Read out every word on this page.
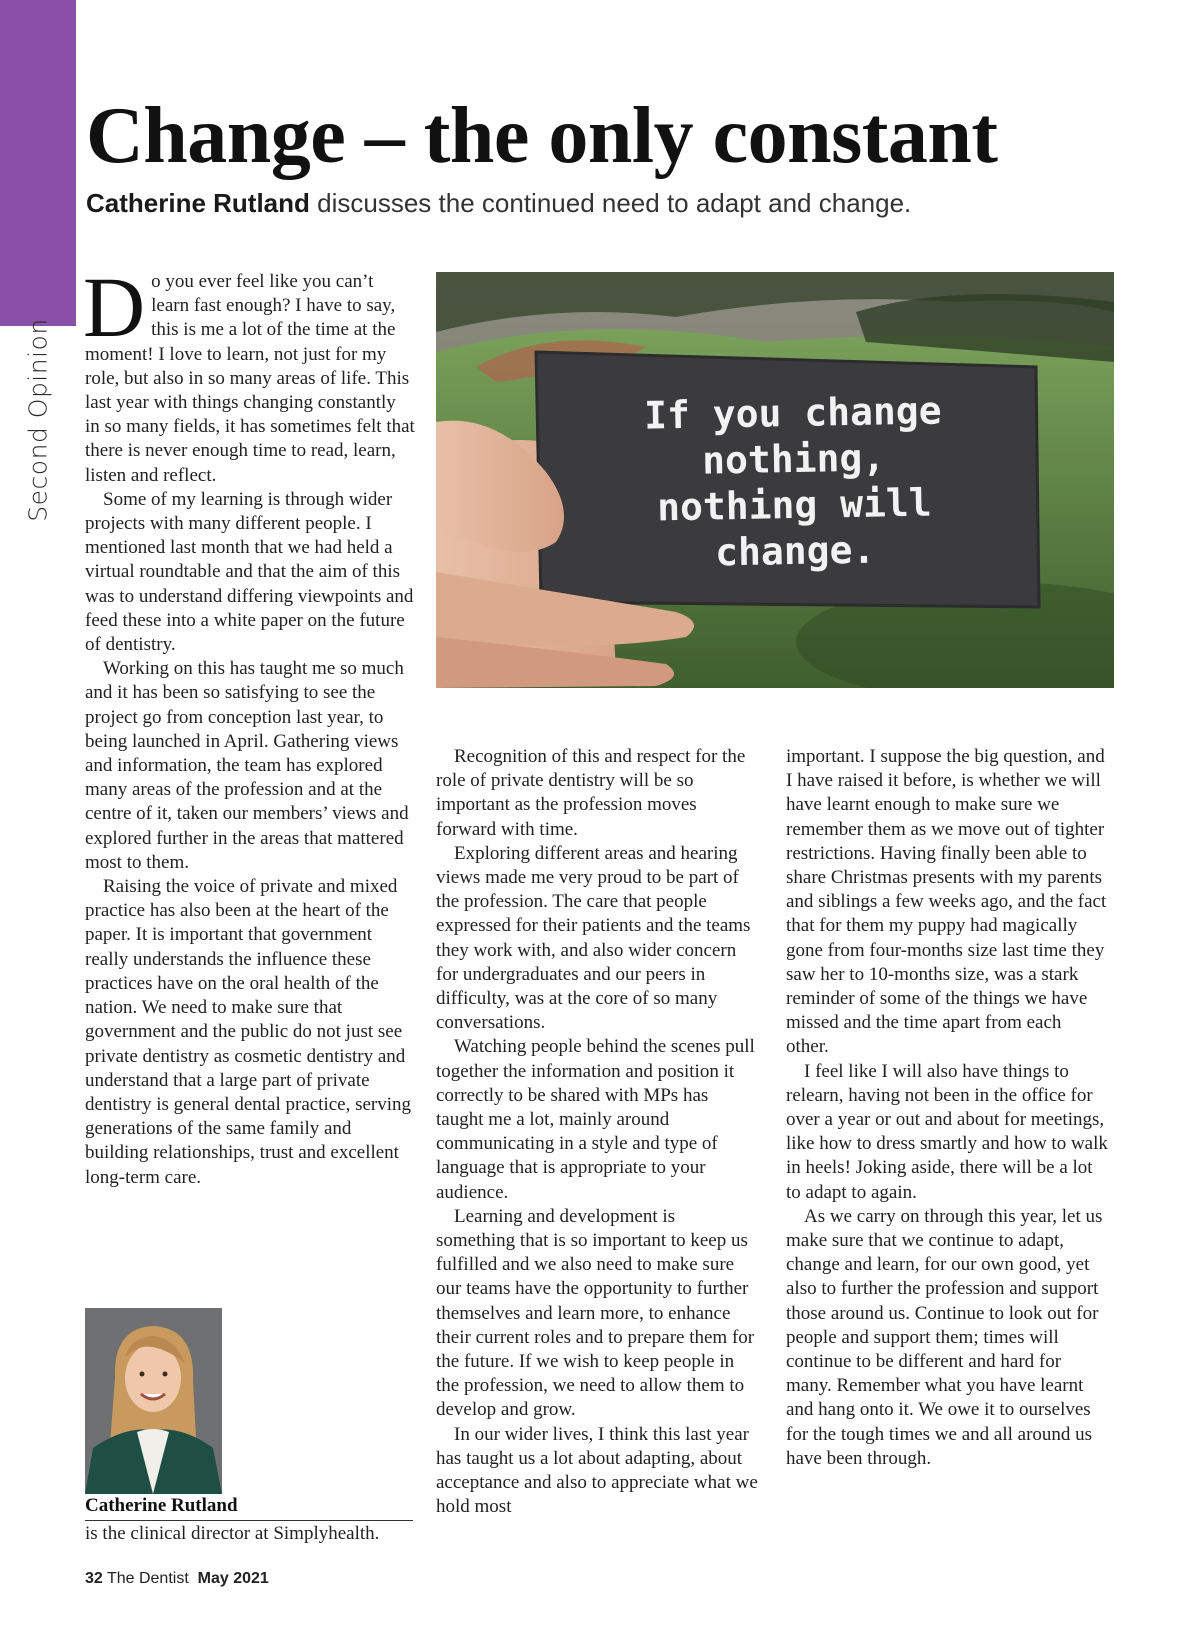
Second Opinion
Change – the only constant

Catherine Rutland discusses the continued need to adapt and change.

Do you ever feel like you can’t learn fast enough? I have to say, this is me a lot of the time at the moment! I love to learn, not just for my role, but also in so many areas of life. This last year with things changing constantly in so many fields, it has sometimes felt that there is never enough time to read, learn, listen and reflect.

Some of my learning is through wider projects with many different people. I mentioned last month that we had held a virtual roundtable and that the aim of this was to understand differing viewpoints and feed these into a white paper on the future of dentistry.

Working on this has taught me so much and it has been so satisfying to see the project go from conception last year, to being launched in April. Gathering views and information, the team has explored many areas of the profession and at the centre of it, taken our members’ views and explored further in the areas that mattered most to them.

Raising the voice of private and mixed practice has also been at the heart of the paper. It is important that government really understands the influence these practices have on the oral health of the nation. We need to make sure that government and the public do not just see private dentistry as cosmetic dentistry and understand that a large part of private dentistry is general dental practice, serving generations of the same family and building relationships, trust and excellent long-term care.

If you change
nothing,
nothing will
change.

Recognition of this and respect for the role of private dentistry will be so important as the profession moves forward with time.

Exploring different areas and hearing views made me very proud to be part of the profession. The care that people expressed for their patients and the teams they work with, and also wider concern for undergraduates and our peers in difficulty, was at the core of so many conversations.

Watching people behind the scenes pull together the information and position it correctly to be shared with MPs has taught me a lot, mainly around communicating in a style and type of language that is appropriate to your audience.

Learning and development is something that is so important to keep us fulfilled and we also need to make sure our teams have the opportunity to further themselves and learn more, to enhance their current roles and to prepare them for the future. If we wish to keep people in the profession, we need to allow them to develop and grow.

In our wider lives, I think this last year has taught us a lot about adapting, about acceptance and also to appreciate what we hold most

important. I suppose the big question, and I have raised it before, is whether we will have learnt enough to make sure we remember them as we move out of tighter restrictions. Having finally been able to share Christmas presents with my parents and siblings a few weeks ago, and the fact that for them my puppy had magically gone from four-months size last time they saw her to 10-months size, was a stark reminder of some of the things we have missed and the time apart from each other.

I feel like I will also have things to relearn, having not been in the office for over a year or out and about for meetings, like how to dress smartly and how to walk in heels! Joking aside, there will be a lot to adapt to again.

As we carry on through this year, let us make sure that we continue to adapt, change and learn, for our own good, yet also to further the profession and support those around us. Continue to look out for people and support them; times will continue to be different and hard for many. Remember what you have learnt and hang onto it. We owe it to ourselves for the tough times we and all around us have been through.

Catherine Rutland
is the clinical director at Simplyhealth.
32 The Dentist May 2021
